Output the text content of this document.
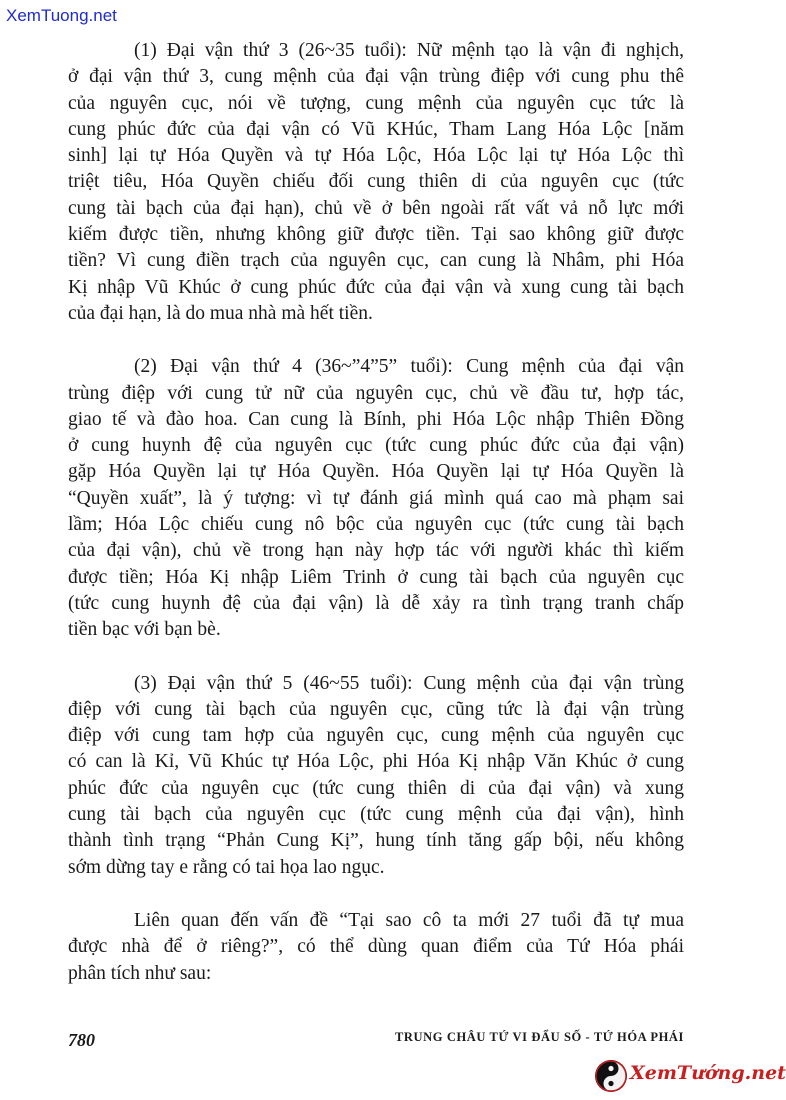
XemTuong.net
(1) Đại vận thứ 3 (26~35 tuổi): Nữ mệnh tạo là vận đi nghịch,
ở đại vận thứ 3, cung mệnh của đại vận trùng điệp với cung phu thê
của nguyên cục, nói về tượng, cung mệnh của nguyên cục tức là
cung phúc đức của đại vận có Vũ KHúc, Tham Lang Hóa Lộc [năm
sinh] lại tự Hóa Quyền và tự Hóa Lộc, Hóa Lộc lại tự Hóa Lộc thì
triệt tiêu, Hóa Quyền chiếu đối cung thiên di của nguyên cục (tức
cung tài bạch của đại hạn), chủ về ở bên ngoài rất vất vả nỗ lực mới
kiếm được tiền, nhưng không giữ được tiền. Tại sao không giữ được
tiền? Vì cung điền trạch của nguyên cục, can cung là Nhâm, phi Hóa
Kị nhập Vũ Khúc ở cung phúc đức của đại vận và xung cung tài bạch
của đại hạn, là do mua nhà mà hết tiền.
(2) Đại vận thứ 4 (36~”4”5” tuổi): Cung mệnh của đại vận
trùng điệp với cung tử nữ của nguyên cục, chủ về đầu tư, hợp tác,
giao tế và đào hoa. Can cung là Bính, phi Hóa Lộc nhập Thiên Đồng
ở cung huynh đệ của nguyên cục (tức cung phúc đức của đại vận)
gặp Hóa Quyền lại tự Hóa Quyền. Hóa Quyền lại tự Hóa Quyền là
“Quyền xuất”, là ý tượng: vì tự đánh giá mình quá cao mà phạm sai
lầm; Hóa Lộc chiếu cung nô bộc của nguyên cục (tức cung tài bạch
của đại vận), chủ về trong hạn này hợp tác với người khác thì kiếm
được tiền; Hóa Kị nhập Liêm Trinh ở cung tài bạch của nguyên cục
(tức cung huynh đệ của đại vận) là dễ xảy ra tình trạng tranh chấp
tiền bạc với bạn bè.
(3) Đại vận thứ 5 (46~55 tuổi): Cung mệnh của đại vận trùng
điệp với cung tài bạch của nguyên cục, cũng tức là đại vận trùng
điệp với cung tam hợp của nguyên cục, cung mệnh của nguyên cục
có can là Kỉ, Vũ Khúc tự Hóa Lộc, phi Hóa Kị nhập Văn Khúc ở cung
phúc đức của nguyên cục (tức cung thiên di của đại vận) và xung
cung tài bạch của nguyên cục (tức cung mệnh của đại vận), hình
thành tình trạng “Phản Cung Kị”, hung tính tăng gấp bội, nếu không
sớm dừng tay e rằng có tai họa lao ngục.
Liên quan đến vấn đề “Tại sao cô ta mới 27 tuổi đã tự mua
được nhà để ở riêng?”, có thể dùng quan điểm của Tứ Hóa phái
phân tích như sau:
780	TRUNG CHÂU TỨ VI ĐẨU SỐ - TỨ HÓA PHÁI
XemTướng.net
